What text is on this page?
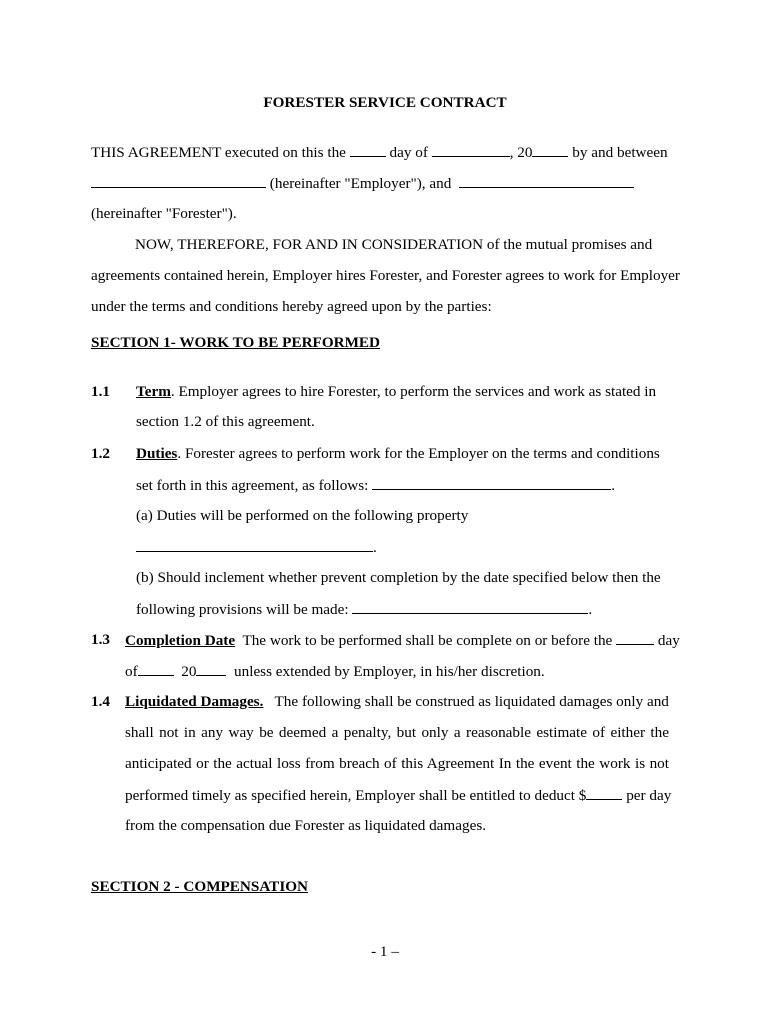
FORESTER SERVICE CONTRACT
THIS AGREEMENT executed on this the	day of	, 20	by and between
(hereinafter "Employer"), and
(hereinafter "Forester").
NOW, THEREFORE, FOR AND IN CONSIDERATION of the mutual promises and
agreements contained herein, Employer hires Forester, and Forester agrees to work for Employer
under the terms and conditions hereby agreed upon by the parties:
SECTION 1- WORK TO BE PERFORMED
1.1 Term. Employer agrees to hire Forester, to perform the services and work as stated in
section 1.2 of this agreement.
1.2 Duties. Forester agrees to perform work for the Employer on the terms and conditions
set forth in this agreement, as follows:	.
(a) Duties will be performed on the following property
.
(b) Should inclement whether prevent completion by the date specified below then the
following provisions will be made:	.
1.3 Completion Date The work to be performed shall be complete on or before the	day
of	20 unless extended by Employer, in his/her discretion.
1.4 Liquidated Damages. The following shall be construed as liquidated damages only and
shall not in any way be deemed a penalty, but only a reasonable estimate of either the
anticipated or the actual loss from breach of this Agreement In the event the work is not
performed timely as specified herein, Employer shall be entitled to deduct $	per day
from the compensation due Forester as liquidated damages.
SECTION 2 - COMPENSATION
- 1 –
